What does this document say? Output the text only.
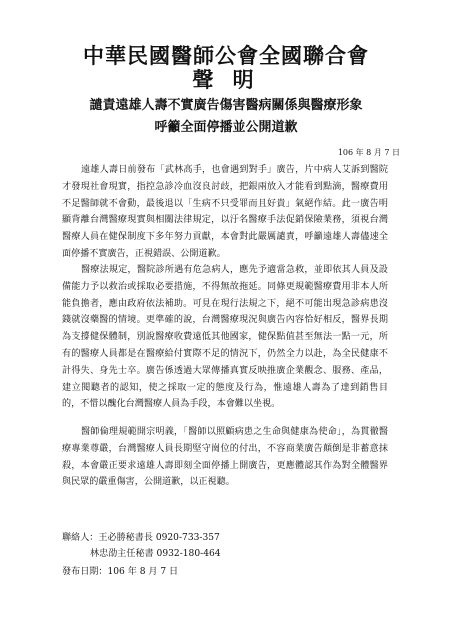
中華民國醫師公會全國聯合會
聲 明
譴責遠雄人壽不實廣告傷害醫病關係與醫療形象
呼籲全面停播並公開道歉
106 年 8 月 7 日

遠雄人壽日前發布「武林高手，也會遇到對手」廣告，片中病人艾訴到醫院才發現社會現實，指控急診冷血沒良討歧，把銀兩放入才能看到點滴，醫療費用不足醫師就不會動，最後退以「生病不只受罪而且好貴」氣絕作結。此一廣告明顯背離台灣醫療現實與相關法律規定，以汙名醫療手法促銷保險業務，須視台灣醫療人員在健保制度下多年努力貢獻，本會對此嚴厲譴責，呼籲遠雄人壽儘速全面停播不實廣告，正視錯誤、公開道歉。

醫療法規定，醫院診所遇有危急病人，應先予適當急救，並即依其人員及設備能力予以救治或採取必要措施，不得無故拖延。同條更規範醫療費用非本人所能負擔者，應由政府依法補助。可見在現行法規之下，絕不可能出現急診病患沒錢就沒藥醫的情境。更準確的說，台灣醫療現況與廣告內容恰好相反，醫界長期為支撐健保體制，別說醫療收費遠低其他國家，健保點值甚至無法一點一元，所有的醫療人員都是在醫療給付實際不足的情況下，仍然全力以赴，為全民健康不計得失、身先士卒。廣告係透過大眾傳播真實反映推廣企業觀念、服務、產品，建立閱聽者的認知，使之採取一定的態度及行為，惟遠雄人壽為了達到銷售目的，不惜以醜化台灣醫療人員為手段，本會難以坐視。

醫師倫理規範開宗明義，「醫師以照顧病患之生命與健康為使命」，為貫徹醫療專業尊嚴，台灣醫療人員長期堅守崗位的付出，不容商業廣告顛倒是非蓄意抹殺，本會嚴正要求遠雄人壽即刻全面停播上開廣告，更應體認其作為對全體醫界與民眾的嚴重傷害，公開道歉，以正視聽。

聯絡人：王必勝秘書長 0920-733-357
林忠劭主任秘書 0932-180-464
發布日期：106 年 8 月 7 日
